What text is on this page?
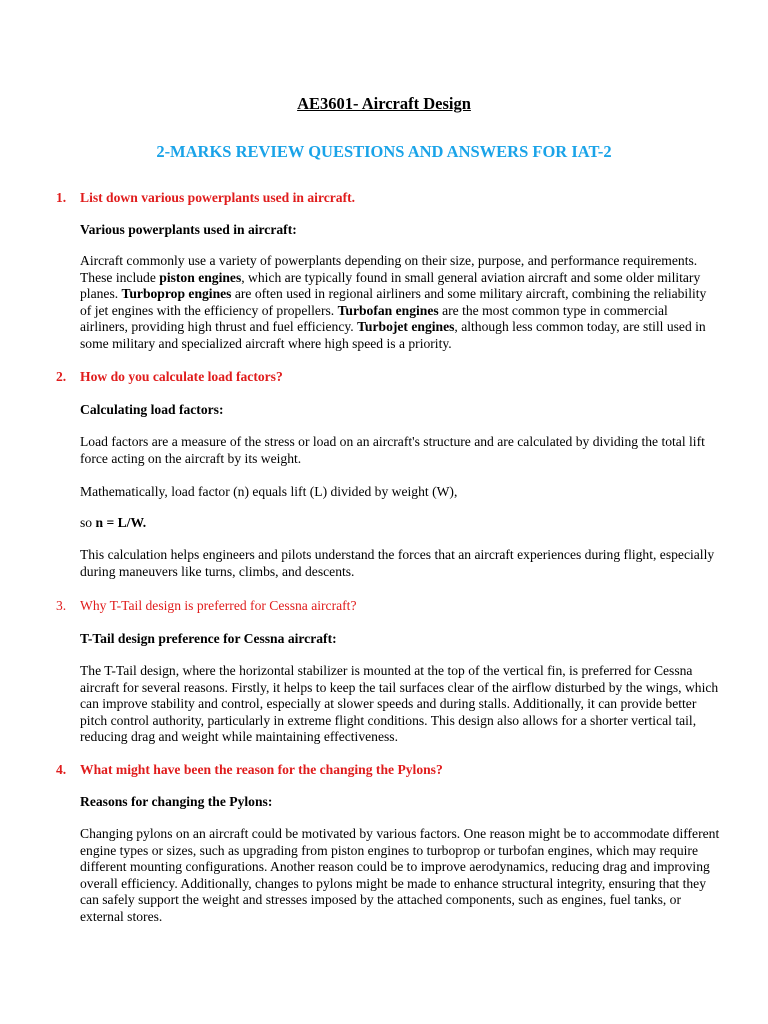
AE3601- Aircraft Design
2-MARKS REVIEW QUESTIONS AND ANSWERS FOR IAT-2
1. List down various powerplants used in aircraft.
Various powerplants used in aircraft:
Aircraft commonly use a variety of powerplants depending on their size, purpose, and performance requirements.
These include piston engines, which are typically found in small general aviation aircraft and some older military
planes. Turboprop engines are often used in regional airliners and some military aircraft, combining the reliability
of jet engines with the efficiency of propellers. Turbofan engines are the most common type in commercial
airliners, providing high thrust and fuel efficiency. Turbojet engines, although less common today, are still used in
some military and specialized aircraft where high speed is a priority.
2. How do you calculate load factors?
Calculating load factors:
Load factors are a measure of the stress or load on an aircraft's structure and are calculated by dividing the total lift
force acting on the aircraft by its weight.
Mathematically, load factor (n) equals lift (L) divided by weight (W),
so n = L/W.
This calculation helps engineers and pilots understand the forces that an aircraft experiences during flight, especially
during maneuvers like turns, climbs, and descents.
3. Why T-Tail design is preferred for Cessna aircraft?
T-Tail design preference for Cessna aircraft:
The T-Tail design, where the horizontal stabilizer is mounted at the top of the vertical fin, is preferred for Cessna
aircraft for several reasons. Firstly, it helps to keep the tail surfaces clear of the airflow disturbed by the wings, which
can improve stability and control, especially at slower speeds and during stalls. Additionally, it can provide better
pitch control authority, particularly in extreme flight conditions. This design also allows for a shorter vertical tail,
reducing drag and weight while maintaining effectiveness.
4. What might have been the reason for the changing the Pylons?
Reasons for changing the Pylons:
Changing pylons on an aircraft could be motivated by various factors. One reason might be to accommodate different
engine types or sizes, such as upgrading from piston engines to turboprop or turbofan engines, which may require
different mounting configurations. Another reason could be to improve aerodynamics, reducing drag and improving
overall efficiency. Additionally, changes to pylons might be made to enhance structural integrity, ensuring that they
can safely support the weight and stresses imposed by the attached components, such as engines, fuel tanks, or
external stores.
